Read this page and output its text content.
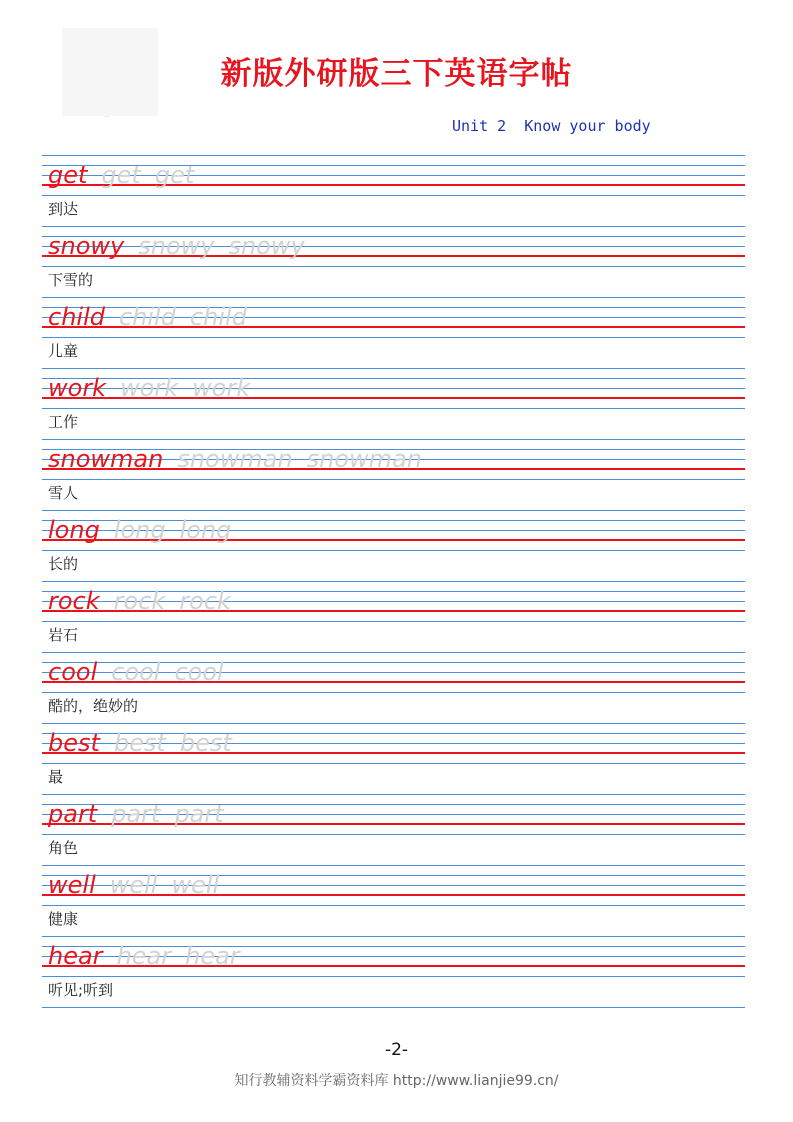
...
新版外研版三下英语字帖
Unit 2  Know your body
get get get
到达
snowy snowy snowy
下雪的
child child child
儿童
work work work
工作
snowman snowman snowman
雪人
long long long
长的
rock rock rock
岩石
cool cool cool
酷的，绝妙的
best best best
最
part part part
角色
well well well
健康
hear hear hear
听见;听到
-2-
知行教辅资料学霸资料库 http://www.lianjie99.cn/
